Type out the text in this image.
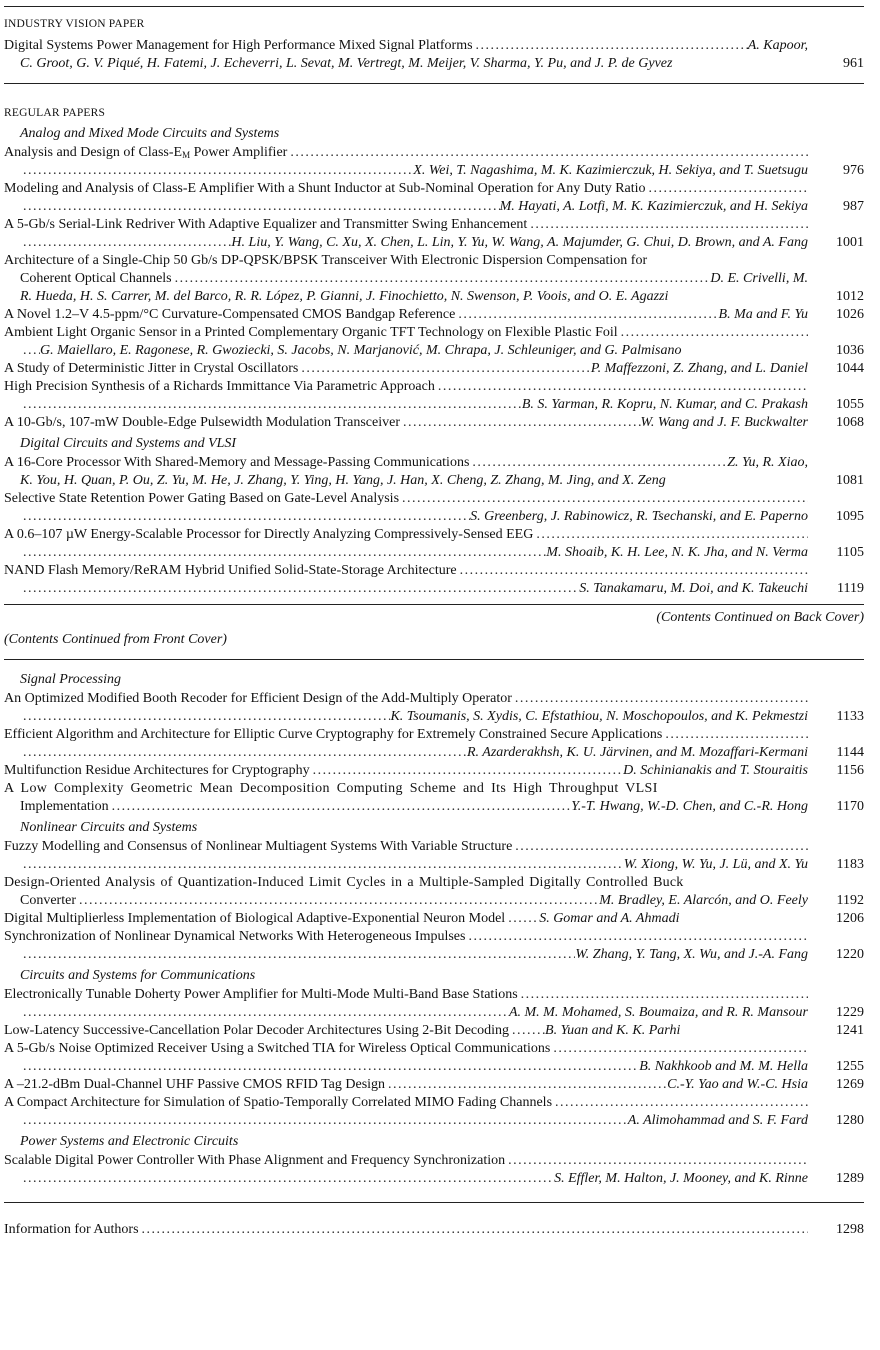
INDUSTRY VISION PAPER
Digital Systems Power Management for High Performance Mixed Signal Platforms .....	A. Kapoor,
C. Groot, G. V. Piqué, H. Fatemi, J. Echeverri, L. Sevat, M. Vertregt, M. Meijer, V. Sharma, Y. Pu, and J. P. de Gyvez	961
REGULAR PAPERS
Analog and Mixed Mode Circuits and Systems
Analysis and Design of Class-$E_M$ Power Amplifier
.....
.....
X. Wei, T. Nagashima, M. K. Kazimierczuk, H. Sekiya, and T. Suetsugu	976
Modeling and Analysis of Class-E Amplifier With a Shunt Inductor at Sub-Nominal Operation for Any Duty Ratio
.....
.....
M. Hayati, A. Lotfi, M. K. Kazimierczuk, and H. Sekiya	987
A 5-Gb/s Serial-Link Redriver With Adaptive Equalizer and Transmitter Swing Enhancement
.....
.....
H. Liu, Y. Wang, C. Xu, X. Chen, L. Lin, Y. Yu, W. Wang, A. Majumder, G. Chui, D. Brown, and A. Fang	1001
Architecture of a Single-Chip 50 Gb/s DP-QPSK/BPSK Transceiver With Electronic Dispersion Compensation for
Coherent Optical Channels .....	D. E. Crivelli, M.
R. Hueda, H. S. Carrer, M. del Barco, R. R. López, P. Gianni, J. Finochietto, N. Swenson, P. Voois, and O. E. Agazzi	1012
A Novel 1.2–V 4.5-ppm/°C Curvature-Compensated CMOS Bandgap Reference .....	B. Ma and F. Yu	1026
Ambient Light Organic Sensor in a Printed Complementary Organic TFT Technology on Flexible Plastic Foil
.....
.....
G. Maiellaro, E. Ragonese, R. Gwoziecki, S. Jacobs, N. Marjanović, M. Chrapa, J. Schleuniger, and G. Palmisano	1036
A Study of Deterministic Jitter in Crystal Oscillators .....	P. Maffezzoni, Z. Zhang, and L. Daniel	1044
High Precision Synthesis of a Richards Immittance Via Parametric Approach
.....
.....
B. S. Yarman, R. Kopru, N. Kumar, and C. Prakash	1055
A 10-Gb/s, 107-mW Double-Edge Pulsewidth Modulation Transceiver .....	W. Wang and J. F. Buckwalter	1068
Digital Circuits and Systems and VLSI
A 16-Core Processor With Shared-Memory and Message-Passing Communications .....	Z. Yu, R. Xiao,
K. You, H. Quan, P. Ou, Z. Yu, M. He, J. Zhang, Y. Ying, H. Yang, J. Han, X. Cheng, Z. Zhang, M. Jing, and X. Zeng	1081
Selective State Retention Power Gating Based on Gate-Level Analysis
.....
.....
S. Greenberg, J. Rabinowicz, R. Tsechanski, and E. Paperno	1095
A 0.6–107 µW Energy-Scalable Processor for Directly Analyzing Compressively-Sensed EEG
.....
.....
M. Shoaib, K. H. Lee, N. K. Jha, and N. Verma	1105
NAND Flash Memory/ReRAM Hybrid Unified Solid-State-Storage Architecture
.....
.....
S. Tanakamaru, M. Doi, and K. Takeuchi	1119
(Contents Continued on Back Cover)
(Contents Continued from Front Cover)
Signal Processing
An Optimized Modified Booth Recoder for Efficient Design of the Add-Multiply Operator
.....
.....
K. Tsoumanis, S. Xydis, C. Efstathiou, N. Moschopoulos, and K. Pekmestzi	1133
Efficient Algorithm and Architecture for Elliptic Curve Cryptography for Extremely Constrained Secure Applications
.....
.....
R. Azarderakhsh, K. U. Järvinen, and M. Mozaffari-Kermani	1144
Multifunction Residue Architectures for Cryptography .....	D. Schinianakis and T. Stouraitis	1156
A Low Complexity Geometric Mean Decomposition Computing Scheme and Its High Throughput VLSI
Implementation .....	Y.-T. Hwang, W.-D. Chen, and C.-R. Hong	1170
Nonlinear Circuits and Systems
Fuzzy Modelling and Consensus of Nonlinear Multiagent Systems With Variable Structure
.....
.....
W. Xiong, W. Yu, J. Lü, and X. Yu	1183
Design-Oriented Analysis of Quantization-Induced Limit Cycles in a Multiple-Sampled Digitally Controlled Buck
Converter .....	M. Bradley, E. Alarcón, and O. Feely	1192
Digital Multiplierless Implementation of Biological Adaptive-Exponential Neuron Model ..... S. Gomar and A. Ahmadi	1206
Synchronization of Nonlinear Dynamical Networks With Heterogeneous Impulses
.....
.....
W. Zhang, Y. Tang, X. Wu, and J.-A. Fang	1220
Circuits and Systems for Communications
Electronically Tunable Doherty Power Amplifier for Multi-Mode Multi-Band Base Stations
.....
.....
A. M. M. Mohamed, S. Boumaiza, and R. R. Mansour	1229
Low-Latency Successive-Cancellation Polar Decoder Architectures Using 2-Bit Decoding .....	B. Yuan and K. K. Parhi	1241
A 5-Gb/s Noise Optimized Receiver Using a Switched TIA for Wireless Optical Communications
.....
.....
B. Nakhkoob and M. M. Hella	1255
A –21.2-dBm Dual-Channel UHF Passive CMOS RFID Tag Design .....	C.-Y. Yao and W.-C. Hsia	1269
A Compact Architecture for Simulation of Spatio-Temporally Correlated MIMO Fading Channels
.....
.....
A. Alimohammad and S. F. Fard	1280
Power Systems and Electronic Circuits
Scalable Digital Power Controller With Phase Alignment and Frequency Synchronization
.....
.....
S. Effler, M. Halton, J. Mooney, and K. Rinne	1289
Information for Authors .....	1298
